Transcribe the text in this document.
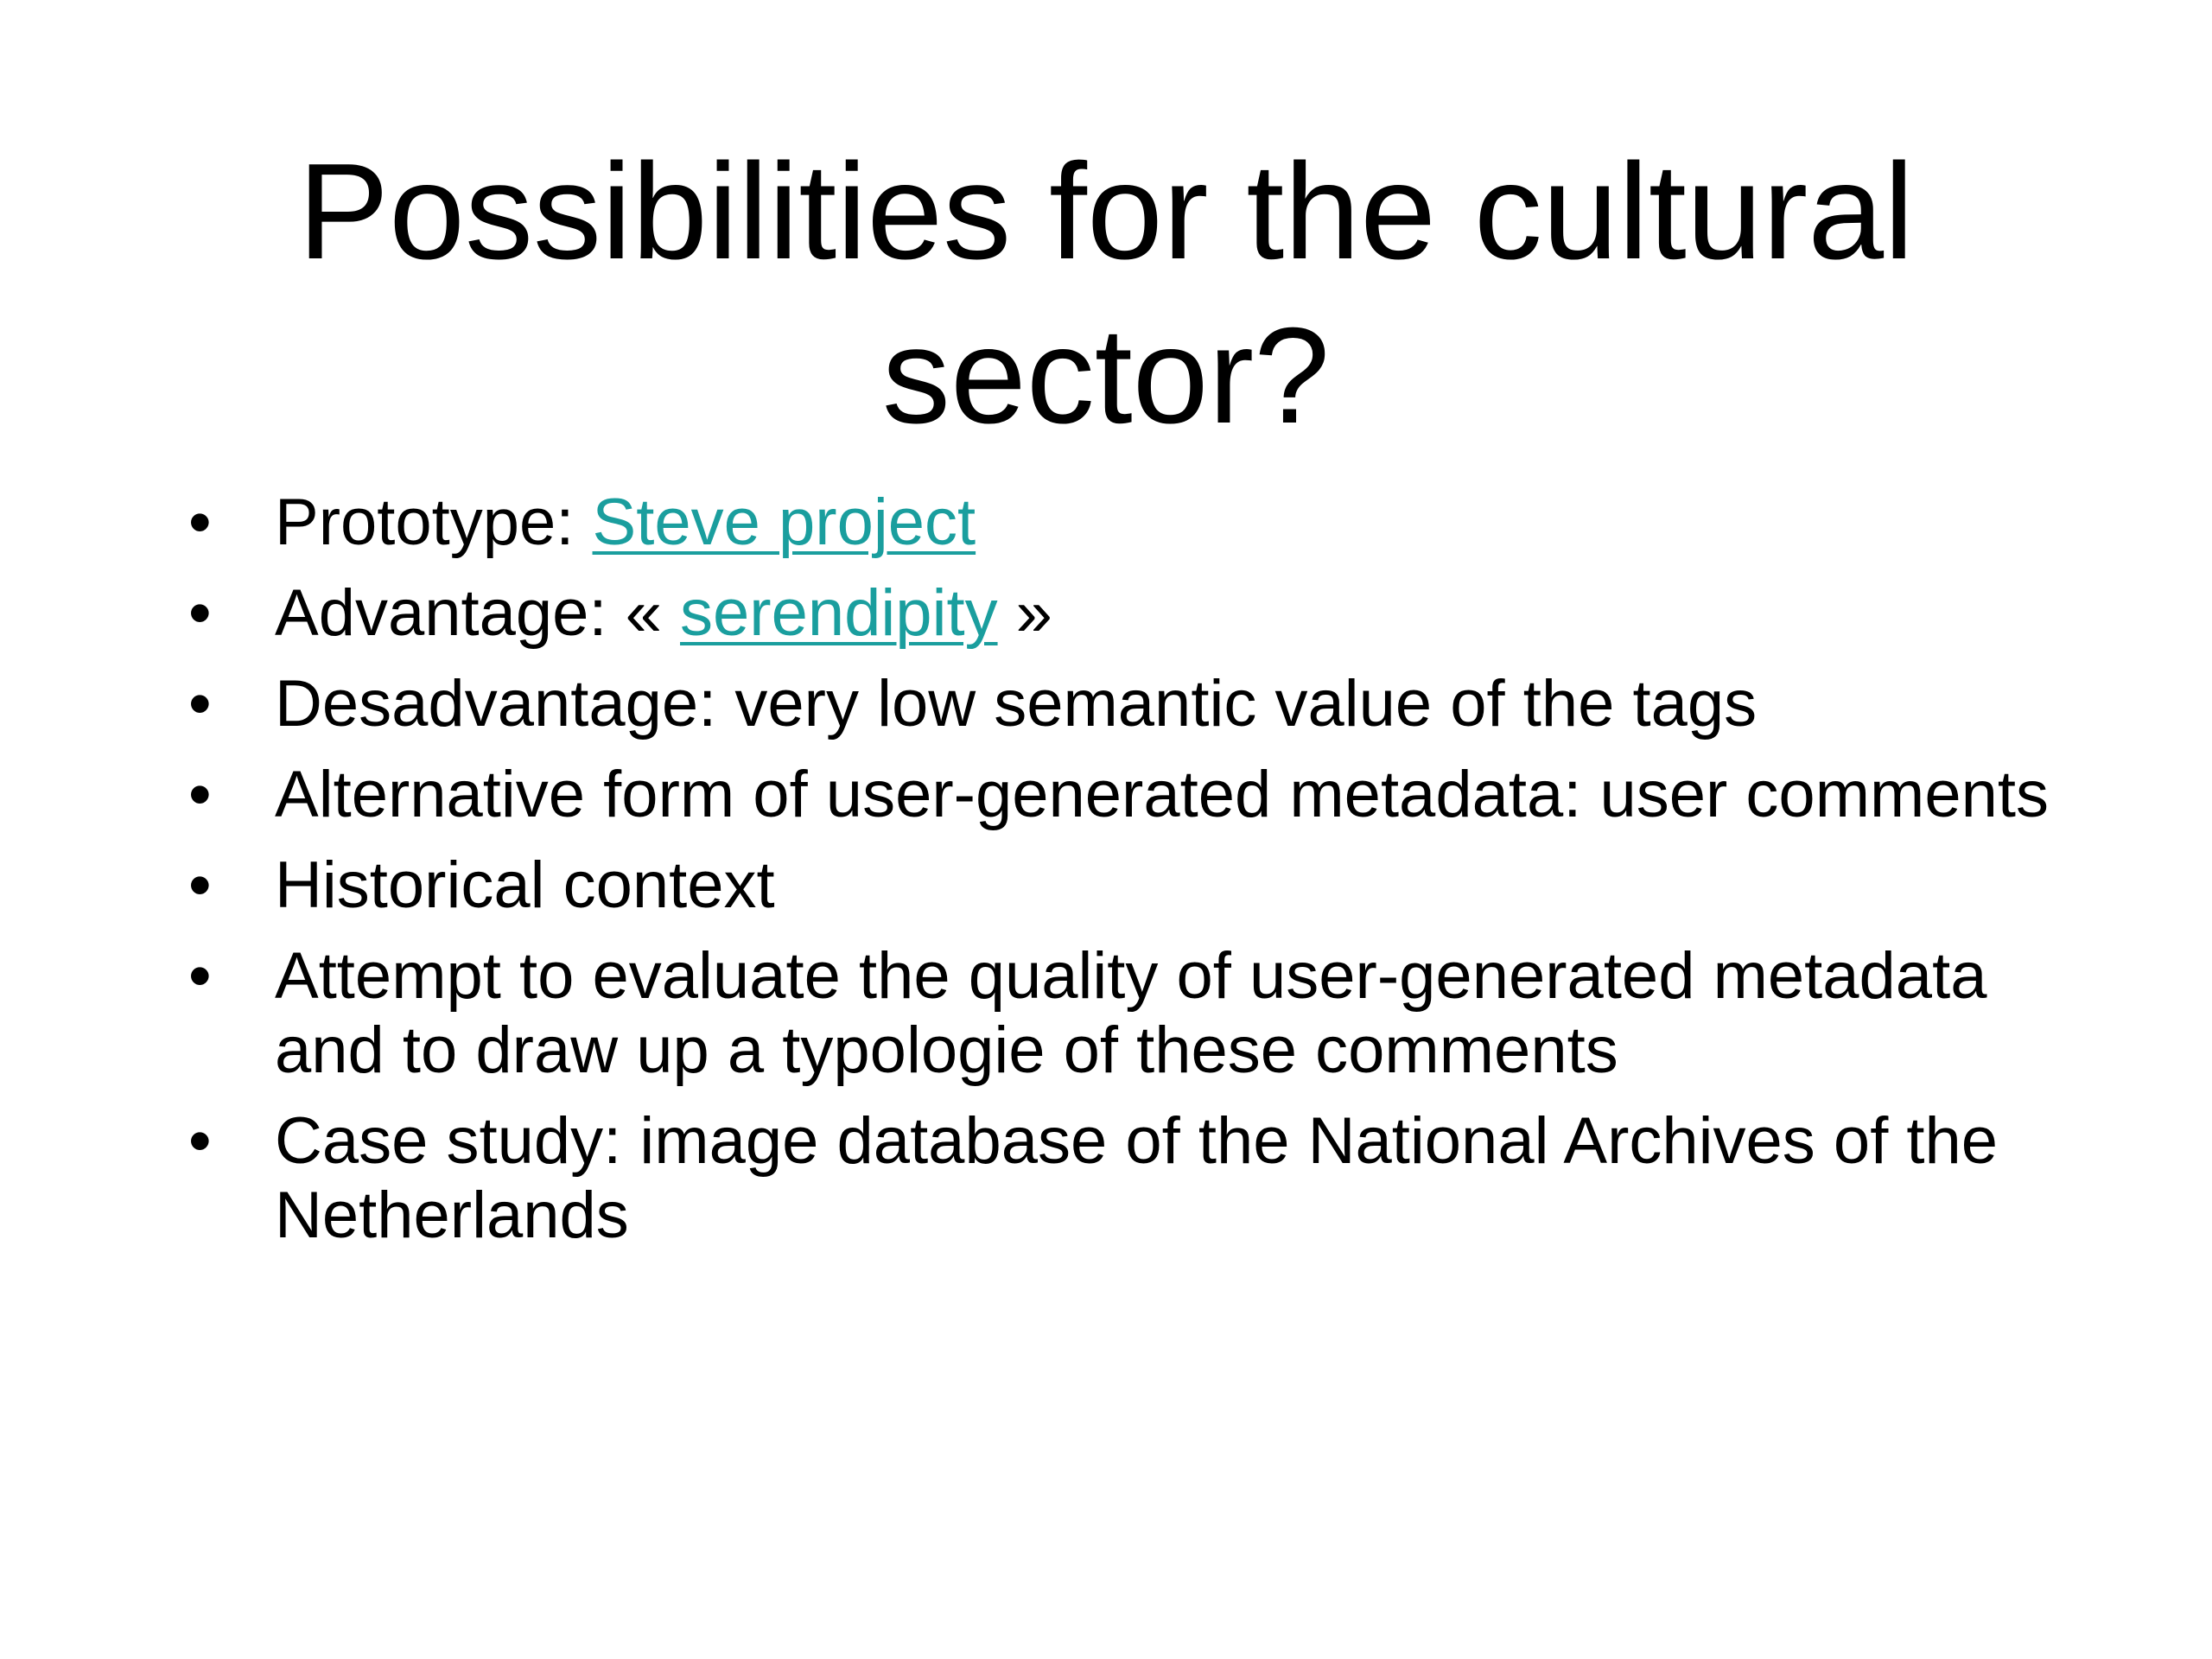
Possibilities for the cultural
sector?
• Prototype: Steve project
• Advantage: « serendipity »
• Desadvantage: very low semantic value of the tags
• Alternative form of user-generated metadata: user comments
• Historical context
• Attempt to evaluate the quality of user-generated metadata and to draw up a typologie of these comments
• Case study: image database of the National Archives of the Netherlands
